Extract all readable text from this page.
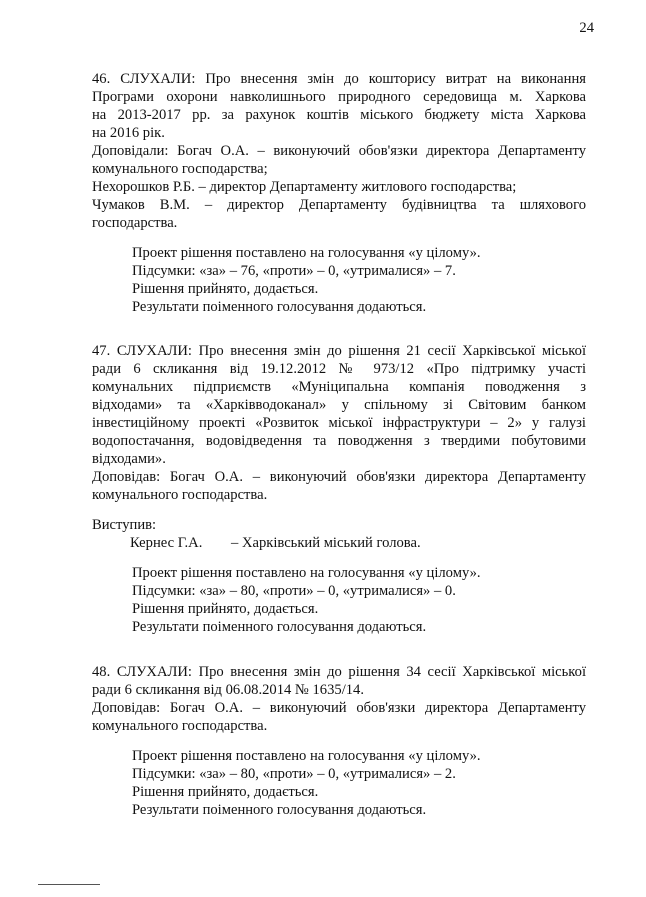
24
46. СЛУХАЛИ: Про внесення змін до кошторису витрат на виконання
Програми охорони навколишнього природного середовища м. Харкова
на 2013-2017 рр. за рахунок коштів міського бюджету міста Харкова
на 2016 рік.
Доповідали: Богач О.А. – виконуючий обов'язки директора Департаменту
комунального господарства;
Нехорошков Р.Б. – директор Департаменту житлового господарства;
Чумаков В.М. – директор Департаменту будівництва та шляхового
господарства.
Проект рішення поставлено на голосування «у цілому».
Підсумки: «за» – 76, «проти» – 0, «утрималися» – 7.
Рішення прийнято, додається.
Результати поіменного голосування додаються.
47. СЛУХАЛИ: Про внесення змін до рішення 21 сесії Харківської міської
ради 6 скликання від 19.12.2012 № 973/12 «Про підтримку участі
комунальних підприємств «Муніципальна компанія поводження з
відходами» та «Харківводоканал» у спільному зі Світовим банком
інвестиційному проекті «Розвиток міської інфраструктури – 2» у галузі
водопостачання, водовідведення та поводження з твердими побутовими
відходами».
Доповідав: Богач О.А. – виконуючий обов'язки директора Департаменту
комунального господарства.
Виступив:
Кернес Г.А. – Харківський міський голова.
Проект рішення поставлено на голосування «у цілому».
Підсумки: «за» – 80, «проти» – 0, «утрималися» – 0.
Рішення прийнято, додається.
Результати поіменного голосування додаються.
48. СЛУХАЛИ: Про внесення змін до рішення 34 сесії Харківської міської
ради 6 скликання від 06.08.2014 № 1635/14.
Доповідав: Богач О.А. – виконуючий обов'язки директора Департаменту
комунального господарства.
Проект рішення поставлено на голосування «у цілому».
Підсумки: «за» – 80, «проти» – 0, «утрималися» – 2.
Рішення прийнято, додається.
Результати поіменного голосування додаються.
